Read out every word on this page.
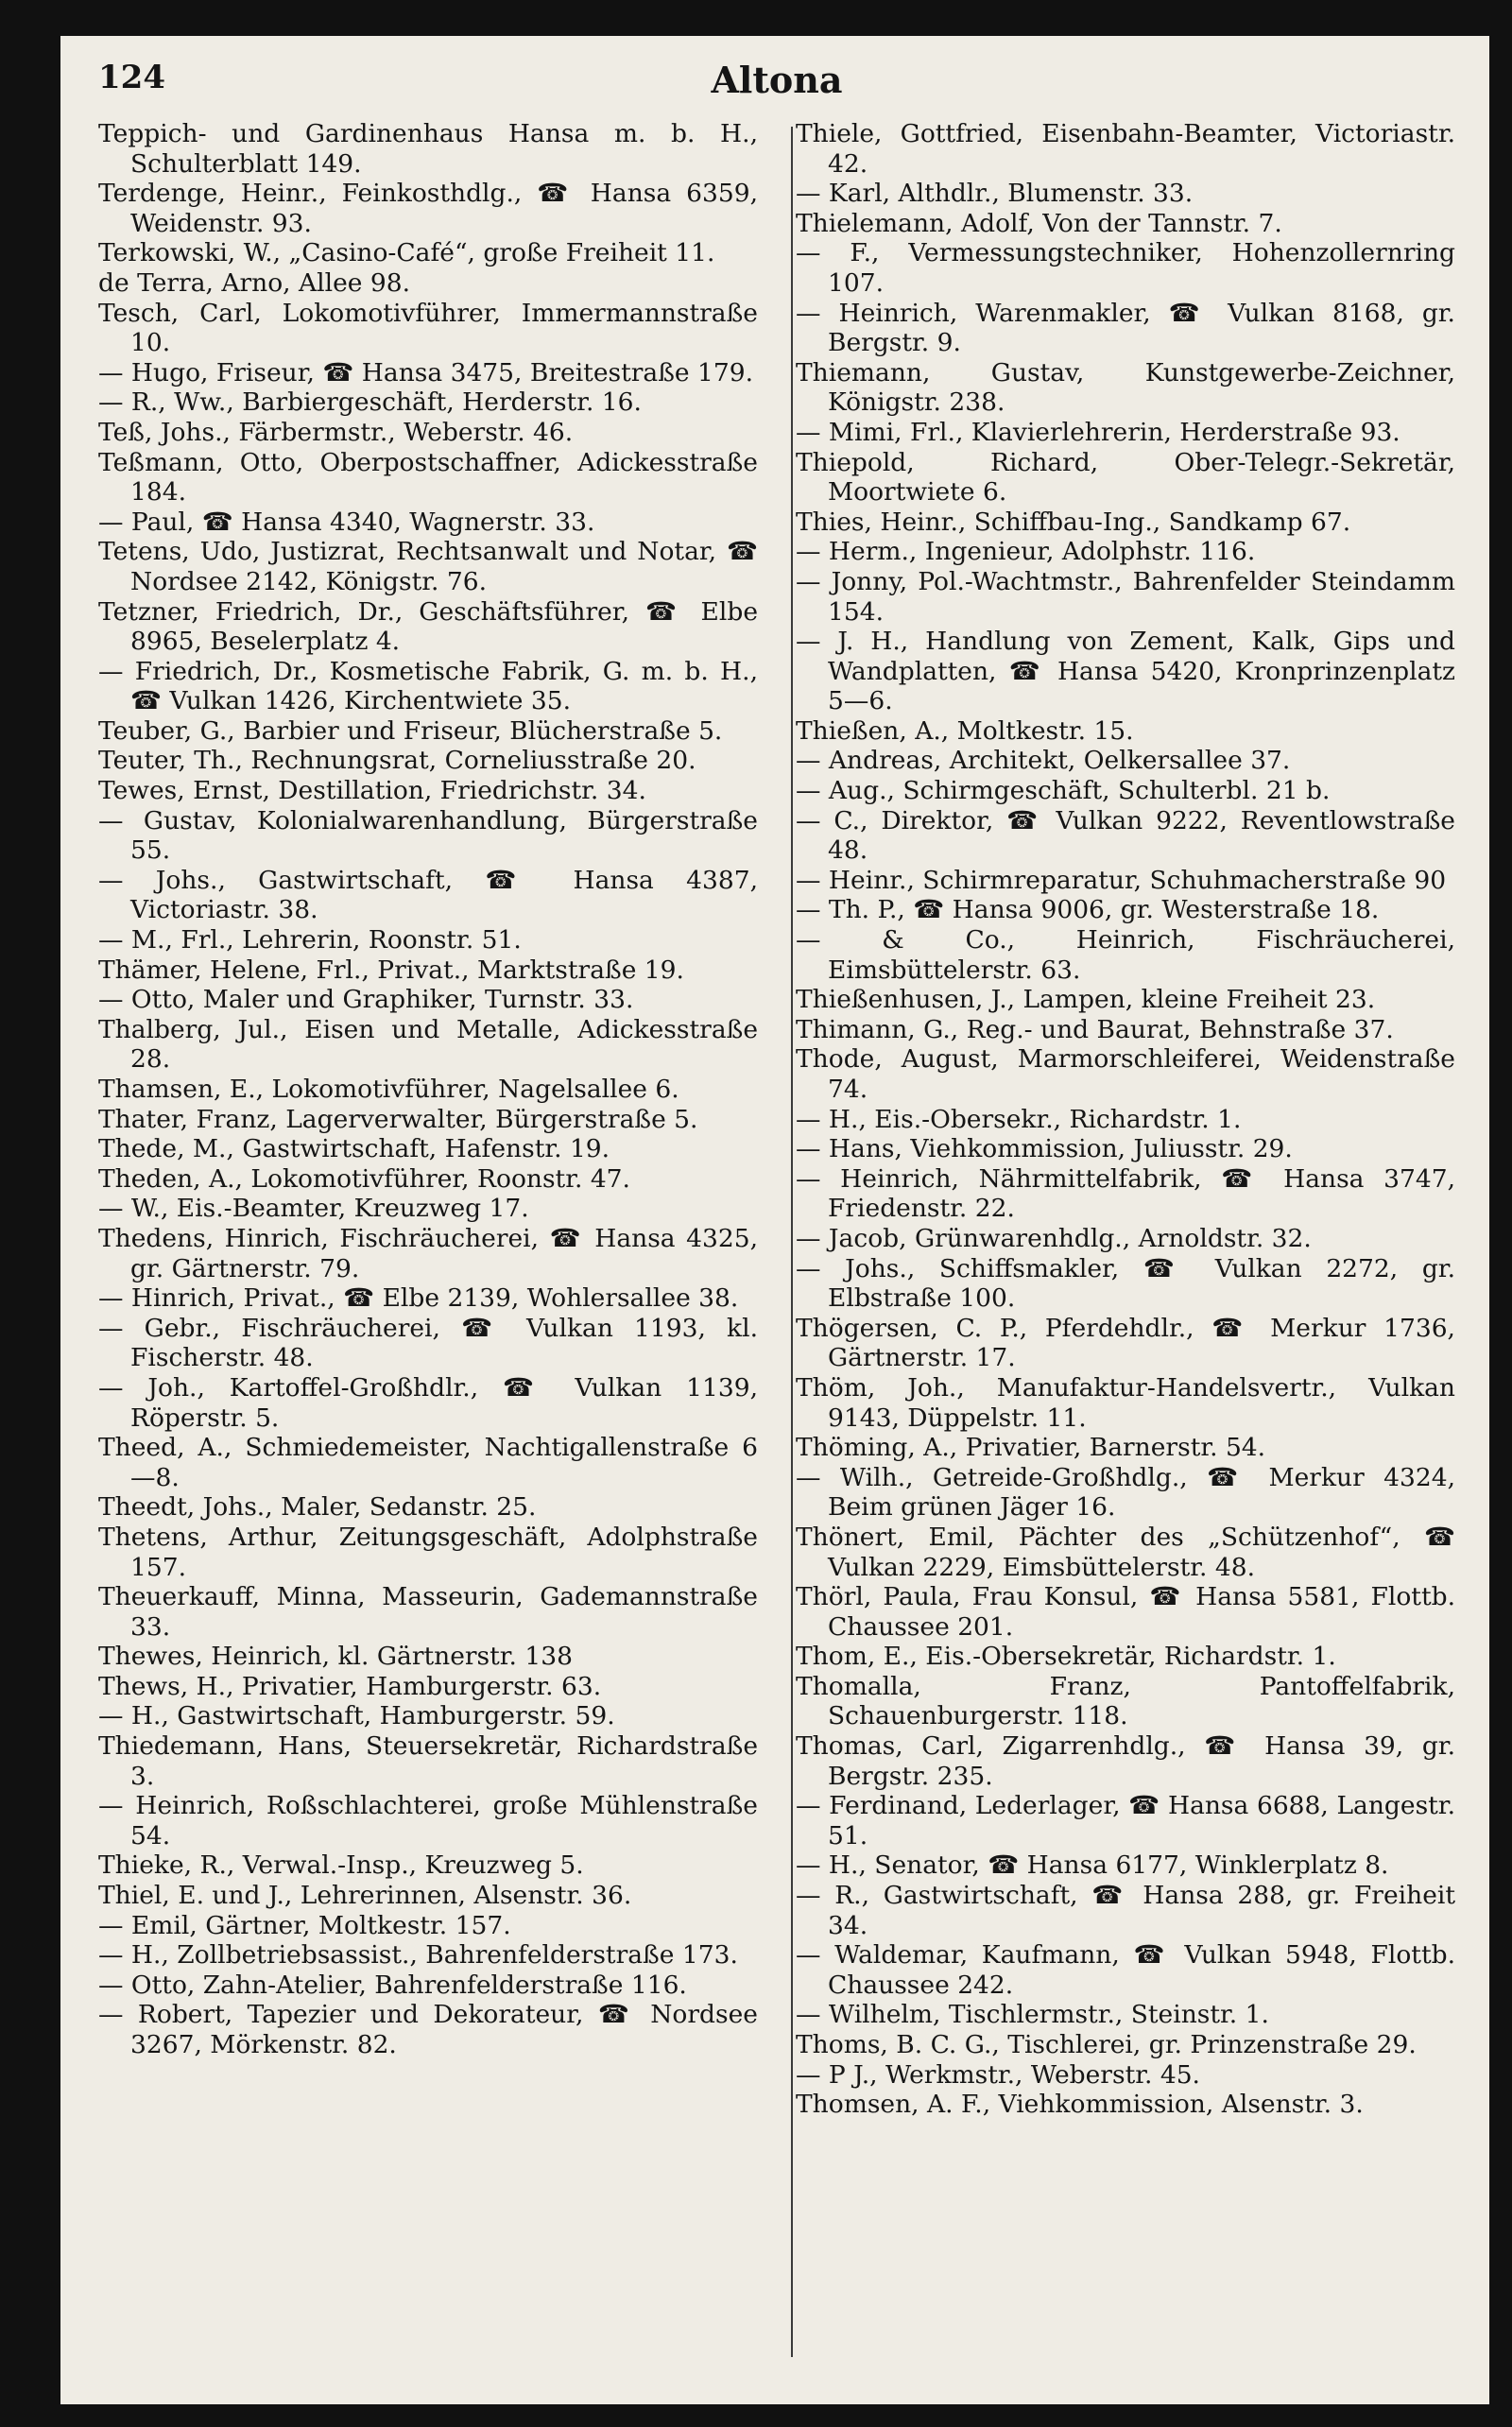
124	Altona
Teppich- und Gardinenhaus Hansa m. b. H., Schulterblatt 149.
Terdenge, Heinr., Feinkosthdlg., ☎ Hansa 6359, Weidenstr. 93.
Terkowski, W., „Casino-Café“, große Freiheit 11.
de Terra, Arno, Allee 98.
Tesch, Carl, Lokomotivführer, Immermannstraße 10.
— Hugo, Friseur, ☎ Hansa 3475, Breitestraße 179.
— R., Ww., Barbiergeschäft, Herderstr. 16.
Teß, Johs., Färbermstr., Weberstr. 46.
Teßmann, Otto, Oberpostschaffner, Adickesstraße 184.
— Paul, ☎ Hansa 4340, Wagnerstr. 33.
Tetens, Udo, Justizrat, Rechtsanwalt und Notar, ☎ Nordsee 2142, Königstr. 76.
Tetzner, Friedrich, Dr., Geschäftsführer, ☎ Elbe 8965, Beselerplatz 4.
— Friedrich, Dr., Kosmetische Fabrik, G. m. b. H., ☎ Vulkan 1426, Kirchentwiete 35.
Teuber, G., Barbier und Friseur, Blücherstraße 5.
Teuter, Th., Rechnungsrat, Corneliusstraße 20.
Tewes, Ernst, Destillation, Friedrichstr. 34.
— Gustav, Kolonialwarenhandlung, Bürgerstraße 55.
— Johs., Gastwirtschaft, ☎ Hansa 4387, Victoriastr. 38.
— M., Frl., Lehrerin, Roonstr. 51.
Thämer, Helene, Frl., Privat., Marktstraße 19.
— Otto, Maler und Graphiker, Turnstr. 33.
Thalberg, Jul., Eisen und Metalle, Adickesstraße 28.
Thamsen, E., Lokomotivführer, Nagelsallee 6.
Thater, Franz, Lagerverwalter, Bürgerstraße 5.
Thede, M., Gastwirtschaft, Hafenstr. 19.
Theden, A., Lokomotivführer, Roonstr. 47.
— W., Eis.-Beamter, Kreuzweg 17.
Thedens, Hinrich, Fischräucherei, ☎ Hansa 4325, gr. Gärtnerstr. 79.
— Hinrich, Privat., ☎ Elbe 2139, Wohlersallee 38.
— Gebr., Fischräucherei, ☎ Vulkan 1193, kl. Fischerstr. 48.
— Joh., Kartoffel-Großhdlr., ☎ Vulkan 1139, Röperstr. 5.
Theed, A., Schmiedemeister, Nachtigallenstraße 6—8.
Theedt, Johs., Maler, Sedanstr. 25.
Thetens, Arthur, Zeitungsgeschäft, Adolphstraße 157.
Theuerkauff, Minna, Masseurin, Gademannstraße 33.
Thewes, Heinrich, kl. Gärtnerstr. 138
Thews, H., Privatier, Hamburgerstr. 63.
— H., Gastwirtschaft, Hamburgerstr. 59.
Thiedemann, Hans, Steuersekretär, Richardstraße 3.
— Heinrich, Roßschlachterei, große Mühlenstraße 54.
Thieke, R., Verwal.-Insp., Kreuzweg 5.
Thiel, E. und J., Lehrerinnen, Alsenstr. 36.
— Emil, Gärtner, Moltkestr. 157.
— H., Zollbetriebsassist., Bahrenfelderstraße 173.
— Otto, Zahn-Atelier, Bahrenfelderstraße 116.
— Robert, Tapezier und Dekorateur, ☎ Nordsee 3267, Mörkenstr. 82.
Thiele, Gottfried, Eisenbahn-Beamter, Victoriastr. 42.
— Karl, Althdlr., Blumenstr. 33.
Thielemann, Adolf, Von der Tannstr. 7.
— F., Vermessungstechniker, Hohenzollernring 107.
— Heinrich, Warenmakler, ☎ Vulkan 8168, gr. Bergstr. 9.
Thiemann, Gustav, Kunstgewerbe-Zeichner, Königstr. 238.
— Mimi, Frl., Klavierlehrerin, Herderstraße 93.
Thiepold, Richard, Ober-Telegr.-Sekretär, Moortwiete 6.
Thies, Heinr., Schiffbau-Ing., Sandkamp 67.
— Herm., Ingenieur, Adolphstr. 116.
— Jonny, Pol.-Wachtmstr., Bahrenfelder Steindamm 154.
— J. H., Handlung von Zement, Kalk, Gips und Wandplatten, ☎ Hansa 5420, Kronprinzenplatz 5—6.
Thießen, A., Moltkestr. 15.
— Andreas, Architekt, Oelkersallee 37.
— Aug., Schirmgeschäft, Schulterbl. 21 b.
— C., Direktor, ☎ Vulkan 9222, Reventlowstraße 48.
— Heinr., Schirmreparatur, Schuhmacherstraße 90
— Th. P., ☎ Hansa 9006, gr. Westerstraße 18.
— & Co., Heinrich, Fischräucherei, Eimsbüttelerstr. 63.
Thießenhusen, J., Lampen, kleine Freiheit 23.
Thimann, G., Reg.- und Baurat, Behnstraße 37.
Thode, August, Marmorschleiferei, Weidenstraße 74.
— H., Eis.-Obersekr., Richardstr. 1.
— Hans, Viehkommission, Juliusstr. 29.
— Heinrich, Nährmittelfabrik, ☎ Hansa 3747, Friedenstr. 22.
— Jacob, Grünwarenhdlg., Arnoldstr. 32.
— Johs., Schiffsmakler, ☎ Vulkan 2272, gr. Elbstraße 100.
Thögersen, C. P., Pferdehdlr., ☎ Merkur 1736, Gärtnerstr. 17.
Thöm, Joh., Manufaktur-Handelsvertr., Vulkan 9143, Düppelstr. 11.
Thöming, A., Privatier, Barnerstr. 54.
— Wilh., Getreide-Großhdlg., ☎ Merkur 4324, Beim grünen Jäger 16.
Thönert, Emil, Pächter des „Schützenhof“, ☎ Vulkan 2229, Eimsbüttelerstr. 48.
Thörl, Paula, Frau Konsul, ☎ Hansa 5581, Flottb. Chaussee 201.
Thom, E., Eis.-Obersekretär, Richardstr. 1.
Thomalla, Franz, Pantoffelfabrik, Schauenburgerstr. 118.
Thomas, Carl, Zigarrenhdlg., ☎ Hansa 39, gr. Bergstr. 235.
— Ferdinand, Lederlager, ☎ Hansa 6688, Langestr. 51.
— H., Senator, ☎ Hansa 6177, Winklerplatz 8.
— R., Gastwirtschaft, ☎ Hansa 288, gr. Freiheit 34.
— Waldemar, Kaufmann, ☎ Vulkan 5948, Flottb. Chaussee 242.
— Wilhelm, Tischlermstr., Steinstr. 1.
Thoms, B. C. G., Tischlerei, gr. Prinzenstraße 29.
— P J., Werkmstr., Weberstr. 45.
Thomsen, A. F., Viehkommission, Alsenstr. 3.
